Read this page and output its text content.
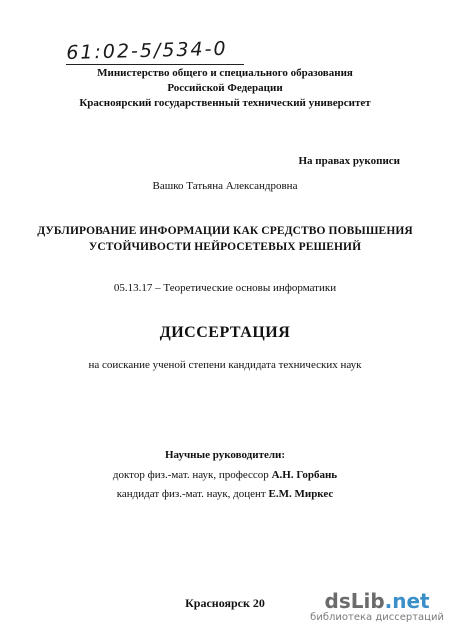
61:02-5/534-0
Министерство общего и специального образования
Российской Федерации
Красноярский государственный технический университет
На правах рукописи
Вашко Татьяна Александровна
ДУБЛИРОВАНИЕ ИНФОРМАЦИИ КАК СРЕДСТВО ПОВЫШЕНИЯ
УСТОЙЧИВОСТИ НЕЙРОСЕТЕВЫХ РЕШЕНИЙ
05.13.17 – Теоретические основы информатики
ДИССЕРТАЦИЯ
на соискание ученой степени кандидата технических наук
Научные руководители:
доктор физ.-мат. наук, профессор А.Н. Горбань
кандидат физ.-мат. наук, доцент Е.М. Миркес
Красноярск 20	dsLib.net
библиотека диссертаций
